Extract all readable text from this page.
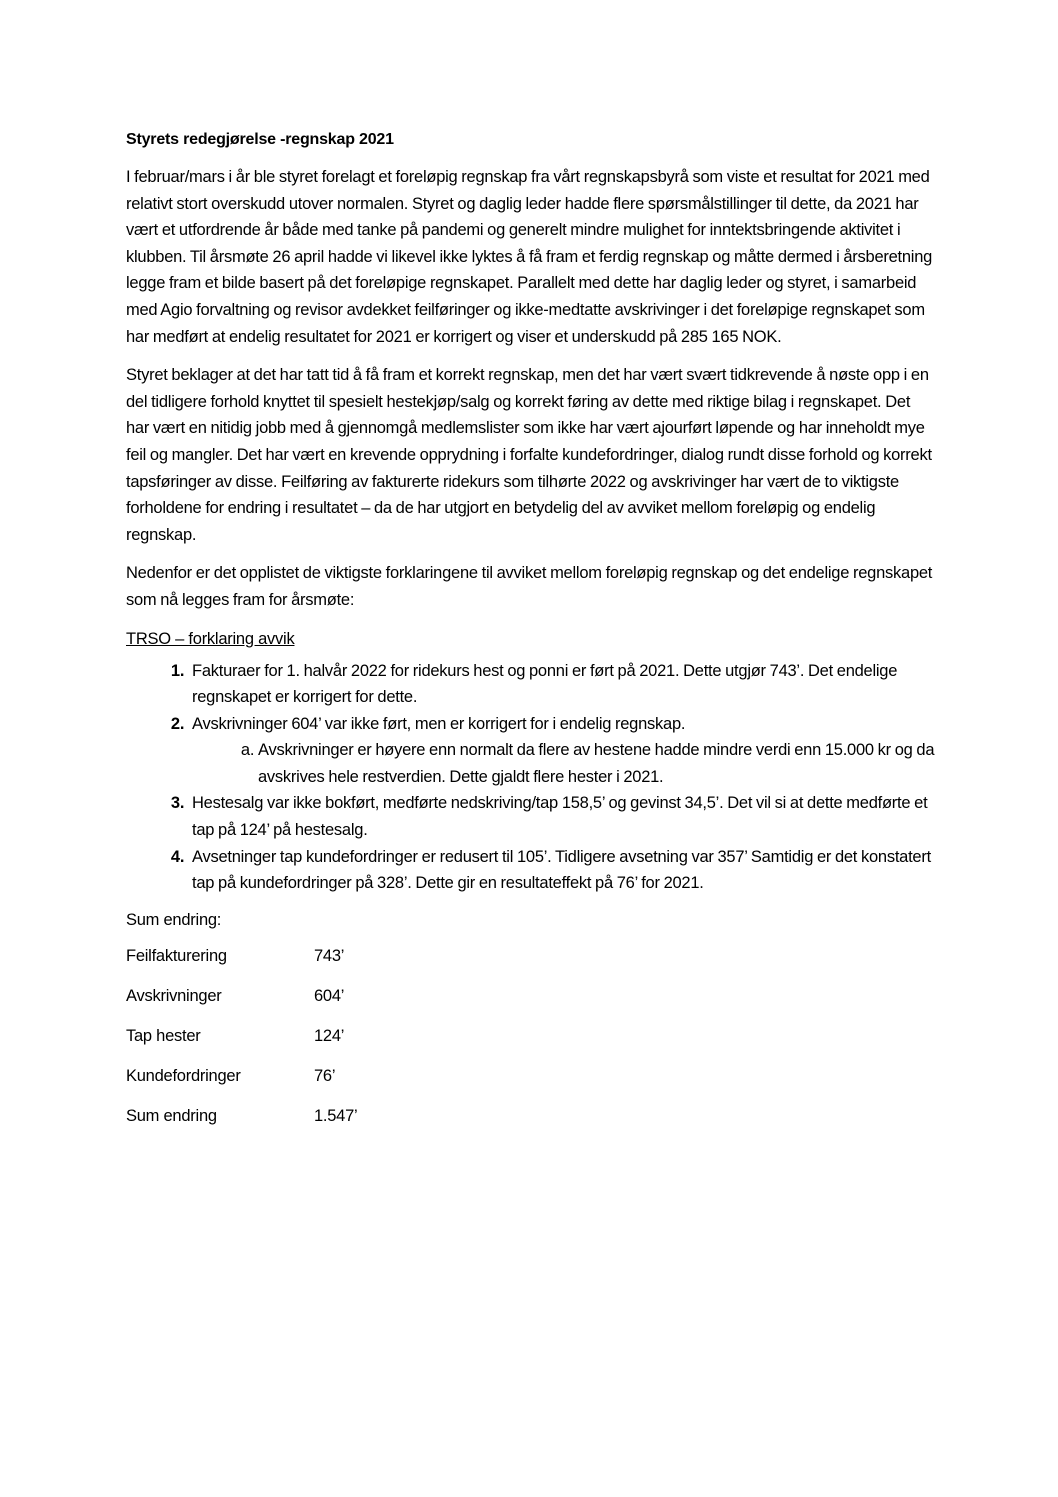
Styrets redegjørelse -regnskap 2021

I februar/mars i år ble styret forelagt et foreløpig regnskap fra vårt regnskapsbyrå som viste et resultat for 2021 med relativt stort overskudd utover normalen. Styret og daglig leder hadde flere spørsmålstillinger til dette, da 2021 har vært et utfordrende år både med tanke på pandemi og generelt mindre mulighet for inntektsbringende aktivitet i klubben. Til årsmøte 26 april hadde vi likevel ikke lyktes å få fram et ferdig regnskap og måtte dermed i årsberetning legge fram et bilde basert på det foreløpige regnskapet. Parallelt med dette har daglig leder og styret, i samarbeid med Agio forvaltning og revisor avdekket feilføringer og ikke-medtatte avskrivinger i det foreløpige regnskapet som har medført at endelig resultatet for 2021 er korrigert og viser et underskudd på 285 165 NOK.

Styret beklager at det har tatt tid å få fram et korrekt regnskap, men det har vært svært tidkrevende å nøste opp i en del tidligere forhold knyttet til spesielt hestekjøp/salg og korrekt føring av dette med riktige bilag i regnskapet. Det har vært en nitidig jobb med å gjennomgå medlemslister som ikke har vært ajourført løpende og har inneholdt mye feil og mangler. Det har vært en krevende opprydning i forfalte kundefordringer, dialog rundt disse forhold og korrekt tapsføringer av disse. Feilføring av fakturerte ridekurs som tilhørte 2022 og avskrivinger har vært de to viktigste forholdene for endring i resultatet – da de har utgjort en betydelig del av avviket mellom foreløpig og endelig regnskap.

Nedenfor er det opplistet de viktigste forklaringene til avviket mellom foreløpig regnskap og det endelige regnskapet som nå legges fram for årsmøte:

TRSO – forklaring avvik
1. Fakturaer for 1. halvår 2022 for ridekurs hest og ponni er ført på 2021. Dette utgjør 743’. Det endelige regnskapet er korrigert for dette.
2. Avskrivninger 604’ var ikke ført, men er korrigert for i endelig regnskap.
a. Avskrivninger er høyere enn normalt da flere av hestene hadde mindre verdi enn 15.000 kr og da avskrives hele restverdien. Dette gjaldt flere hester i 2021.
3. Hestesalg var ikke bokført, medførte nedskriving/tap 158,5’ og gevinst 34,5’. Det vil si at dette medførte et tap på 124’ på hestesalg.
4. Avsetninger tap kundefordringer er redusert til 105’. Tidligere avsetning var 357’ Samtidig er det konstatert tap på kundefordringer på 328’. Dette gir en resultateffekt på 76’ for 2021.
Sum endring:
Feilfakturering	743’
Avskrivninger	604’
Tap hester	124’
Kundefordringer	76’
Sum endring	1.547’
